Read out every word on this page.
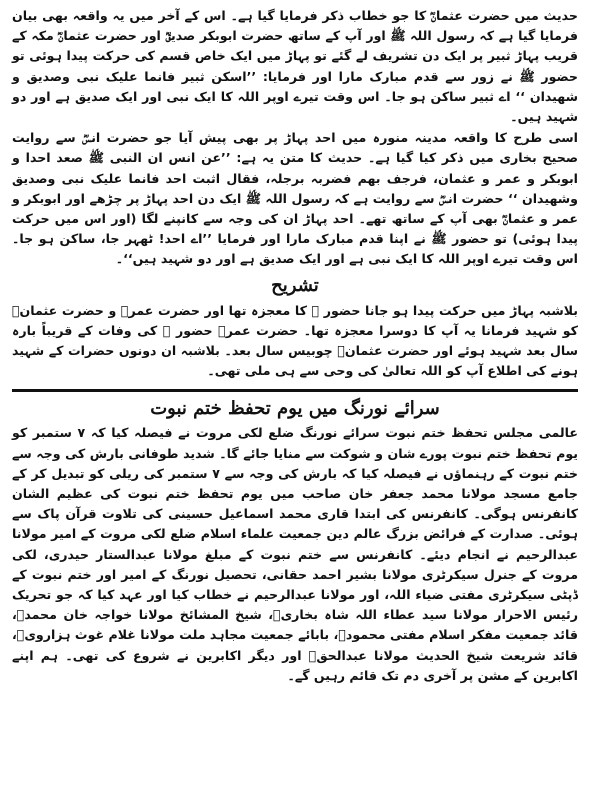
حدیث میں حضرت عثمانؓ کا جو خطاب ذکر فرمایا گیا ہے۔ اس کے آخر میں یہ واقعہ بھی بیان فرمایا گیا ہے کہ رسول اللہ ﷺ اور آپ کے ساتھ حضرت ابوبکر صدیقؓ اور حضرت عثمانؓ مکہ کے قریب پہاڑ ثبیر پر ایک دن تشریف لے گئے تو پہاڑ میں ایک خاص قسم کی حرکت پیدا ہوئی تو حضور ﷺ نے زور سے قدم مبارک مارا اور فرمایا: ’’اسکن ثبیر فانما علیک نبی وصدیق و شھیدان ‘‘ اے ثبیر ساکن ہو جا۔ اس وقت تیرے اوپر اللہ کا ایک نبی اور ایک صدیق ہے اور دو شہید ہیں۔

اسی طرح کا واقعہ مدینہ منورہ میں احد پہاڑ پر بھی پیش آیا جو حضرت انسؓ سے روایت صحیح بخاری میں ذکر کیا گیا ہے۔ حدیث کا متن یہ ہے: ’’عن انس ان النبی ﷺ صعد احدا و ابوبکر و عمر و عثمان، فرجف بھم فضربہ برجلہ، فقال اثبت احد فانما علیک نبی وصدیق وشھیدان ‘‘ حضرت انسؓ سے روایت ہے کہ رسول اللہ ﷺ ایک دن احد پہاڑ پر چڑھے اور ابوبکر و عمر و عثمانؓ بھی آپ کے ساتھ تھے۔ احد پہاڑ ان کی وجہ سے کانپنے لگا (اور اس میں حرکت پیدا ہوئی) تو حضور ﷺ نے اپنا قدم مبارک مارا اور فرمایا ’’اے احد! ٹھہر جا، ساکن ہو جا۔ اس وقت تیرے اوپر اللہ کا ایک نبی ہے اور ایک صدیق ہے اور دو شہید ہیں‘‘۔

تشریح

بلاشبہ پہاڑ میں حرکت پیدا ہو جانا حضور ﷺ کا معجزہ تھا اور حضرت عمرؓ و حضرت عثمانؓ کو شہید فرمانا یہ آپ کا دوسرا معجزہ تھا۔ حضرت عمرؓ حضور ﷺ کی وفات کے قریباً بارہ سال بعد شہید ہوئے اور حضرت عثمانؓ چوبیس سال بعد۔ بلاشبہ ان دونوں حضرات کے شہید ہونے کی اطلاع آپ کو اللہ تعالیٰ کی وحی سے ہی ملی تھی۔

سرائے نورنگ میں یوم تحفظ ختم نبوت

عالمی مجلس تحفظ ختم نبوت سرائے نورنگ ضلع لکی مروت نے فیصلہ کیا کہ ۷ ستمبر کو یوم تحفظ ختم نبوت پورے شان و شوکت سے منایا جائے گا۔ شدید طوفانی بارش کی وجہ سے ختم نبوت کے رہنماؤں نے فیصلہ کیا کہ بارش کی وجہ سے ۷ ستمبر کی ریلی کو تبدیل کر کے جامع مسجد مولانا محمد جعفر خان صاحب میں یوم تحفظ ختم نبوت کی عظیم الشان کانفرنس ہوگی۔ کانفرنس کی ابتدا قاری محمد اسماعیل حسینی کی تلاوت قرآن پاک سے ہوئی۔ صدارت کے فرائض بزرگ عالم دین جمعیت علماء اسلام ضلع لکی مروت کے امیر مولانا عبدالرحیم نے انجام دیئے۔ کانفرنس سے ختم نبوت کے مبلغ مولانا عبدالستار حیدری، لکی مروت کے جنرل سیکرٹری مولانا بشیر احمد حقانی، تحصیل نورنگ کے امیر اور ختم نبوت کے ڈپٹی سیکرٹری مفتی ضیاء اللہ، اور مولانا عبدالرحیم نے خطاب کیا اور عہد کیا کہ جو تحریک رئیس الاحرار مولانا سید عطاء اللہ شاہ بخاریؒ، شیخ المشائخ مولانا خواجہ خان محمدؒ، قائد جمعیت مفکر اسلام مفتی محمودؒ، بابائے جمعیت مجاہد ملت مولانا غلام غوث ہزارویؒ، قائد شریعت شیخ الحدیث مولانا عبدالحقؒ اور دیگر اکابرین نے شروع کی تھی۔ ہم اپنے اکابرین کے مشن پر آخری دم تک قائم رہیں گے۔
